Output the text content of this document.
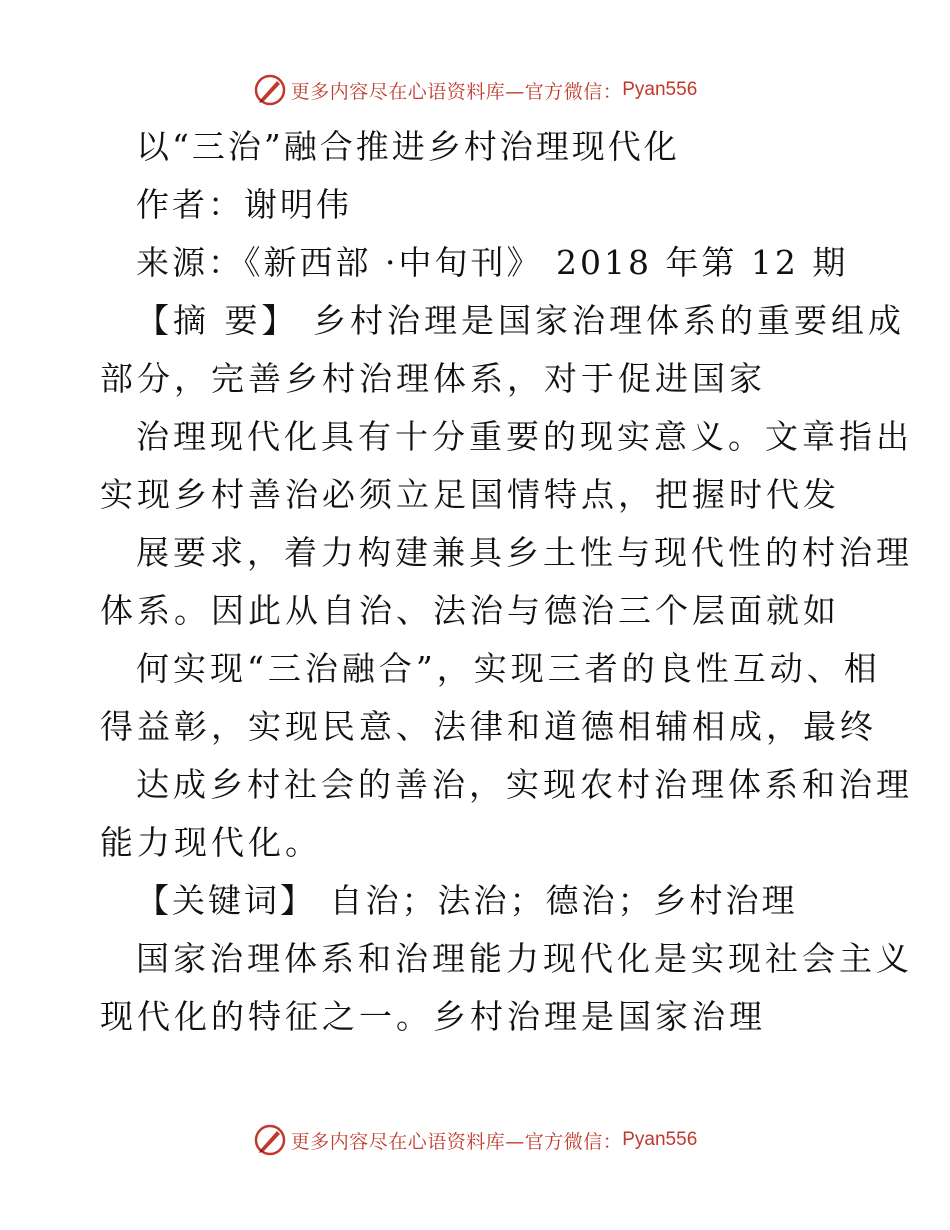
更多内容尽在心语资料库—官方微信： Pyan556
以“三治”融合推进乡村治理现代化
作者：谢明伟
来源：《新西部 ·中旬刊》 2018 年第 12 期
【摘 要】 乡村治理是国家治理体系的重要组成
部分，完善乡村治理体系，对于促进国家
治理现代化具有十分重要的现实意义。文章指出
实现乡村善治必须立足国情特点，把握时代发
展要求，着力构建兼具乡土性与现代性的村治理
体系。因此从自治、法治与德治三个层面就如
何实现“三治融合”，实现三者的良性互动、相
得益彰，实现民意、法律和道德相辅相成，最终
达成乡村社会的善治，实现农村治理体系和治理
能力现代化。
【关键词】 自治；法治；德治；乡村治理
国家治理体系和治理能力现代化是实现社会主义
现代化的特征之一。乡村治理是国家治理
更多内容尽在心语资料库—官方微信： Pyan556
